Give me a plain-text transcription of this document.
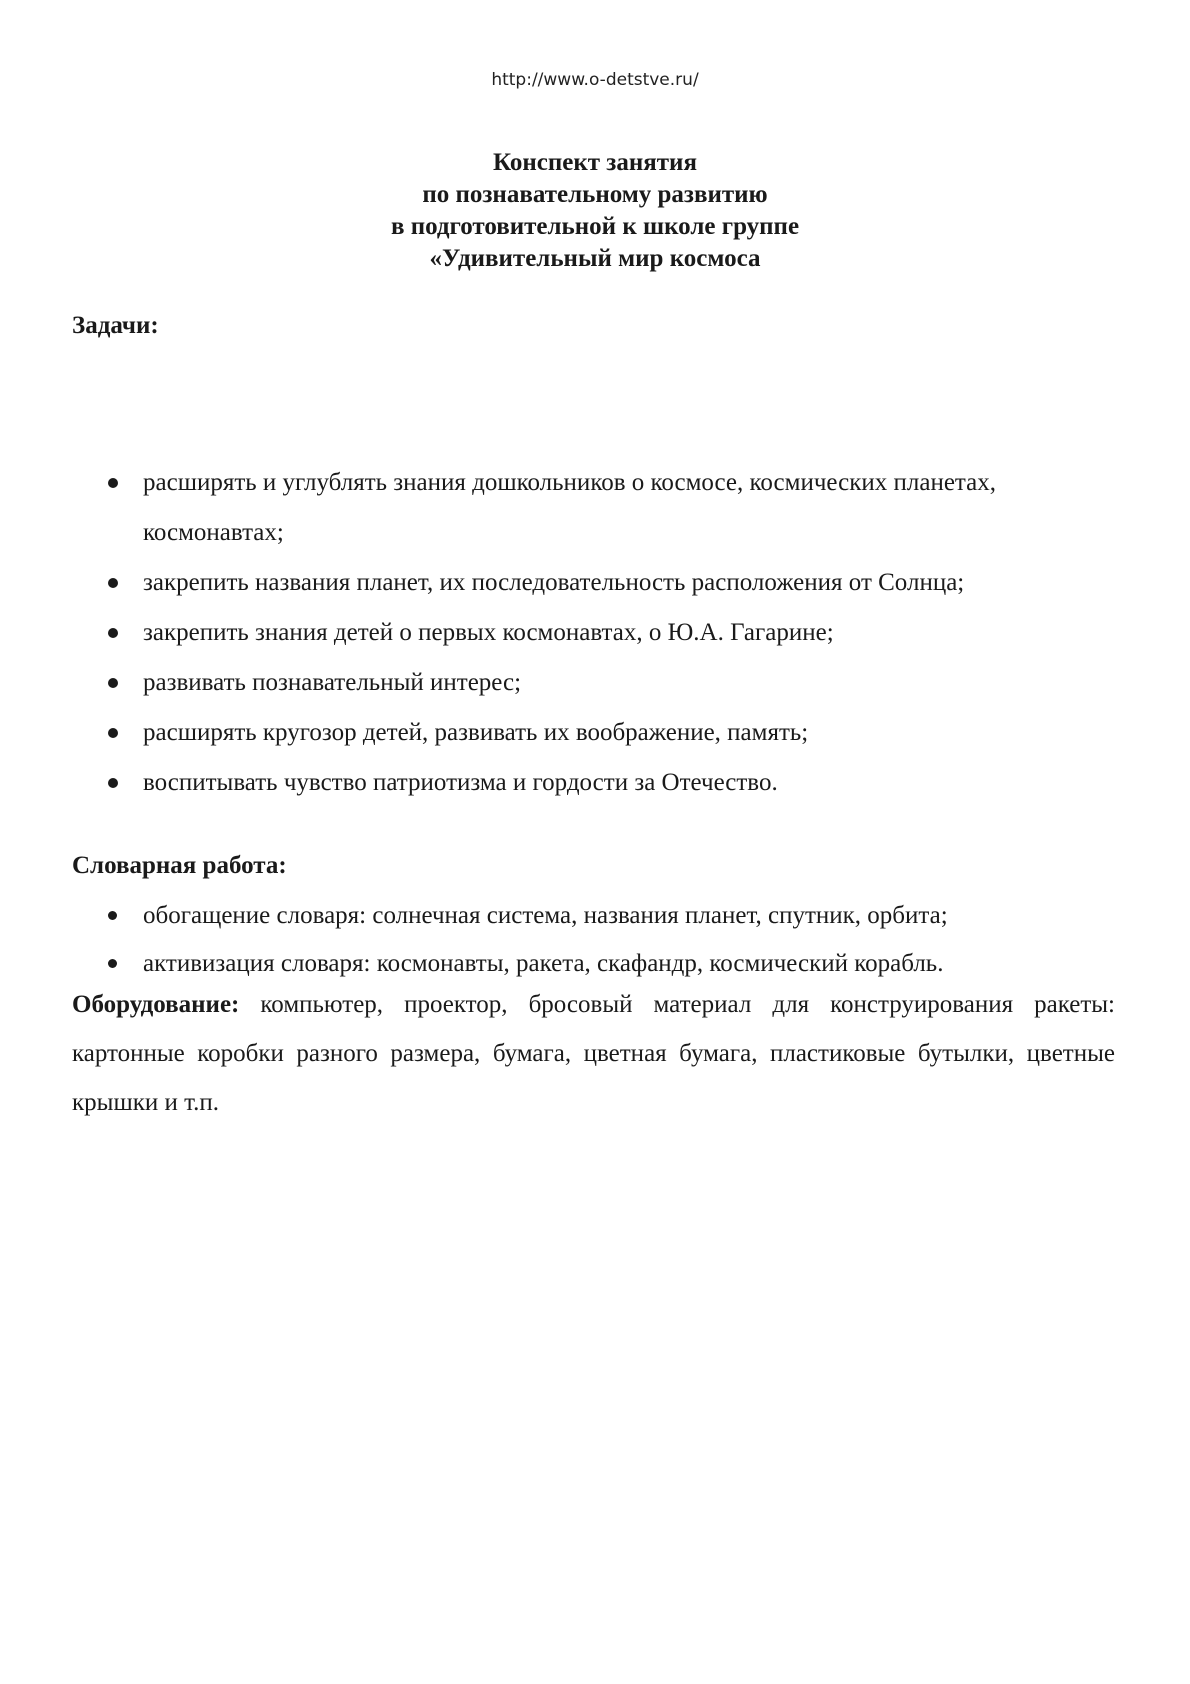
http://www.o-detstve.ru/
Конспект занятия
по познавательному развитию
в подготовительной к школе группе
«Удивительный мир космоса
Задачи:
расширять и углублять знания дошкольников о космосе, космических планетах, космонавтах;
закрепить названия планет, их последовательность расположения от Солнца;
закрепить знания детей о первых космонавтах, о Ю.А. Гагарине;
развивать познавательный интерес;
расширять кругозор детей, развивать их воображение, память;
воспитывать чувство патриотизма и гордости за Отечество.
Словарная работа:
обогащение словаря: солнечная система, названия планет, спутник, орбита;
активизация словаря: космонавты, ракета, скафандр, космический корабль.
Оборудование: компьютер, проектор, бросовый материал для конструирования ракеты: картонные коробки разного размера, бумага, цветная бумага, пластиковые бутылки, цветные крышки и т.п.
